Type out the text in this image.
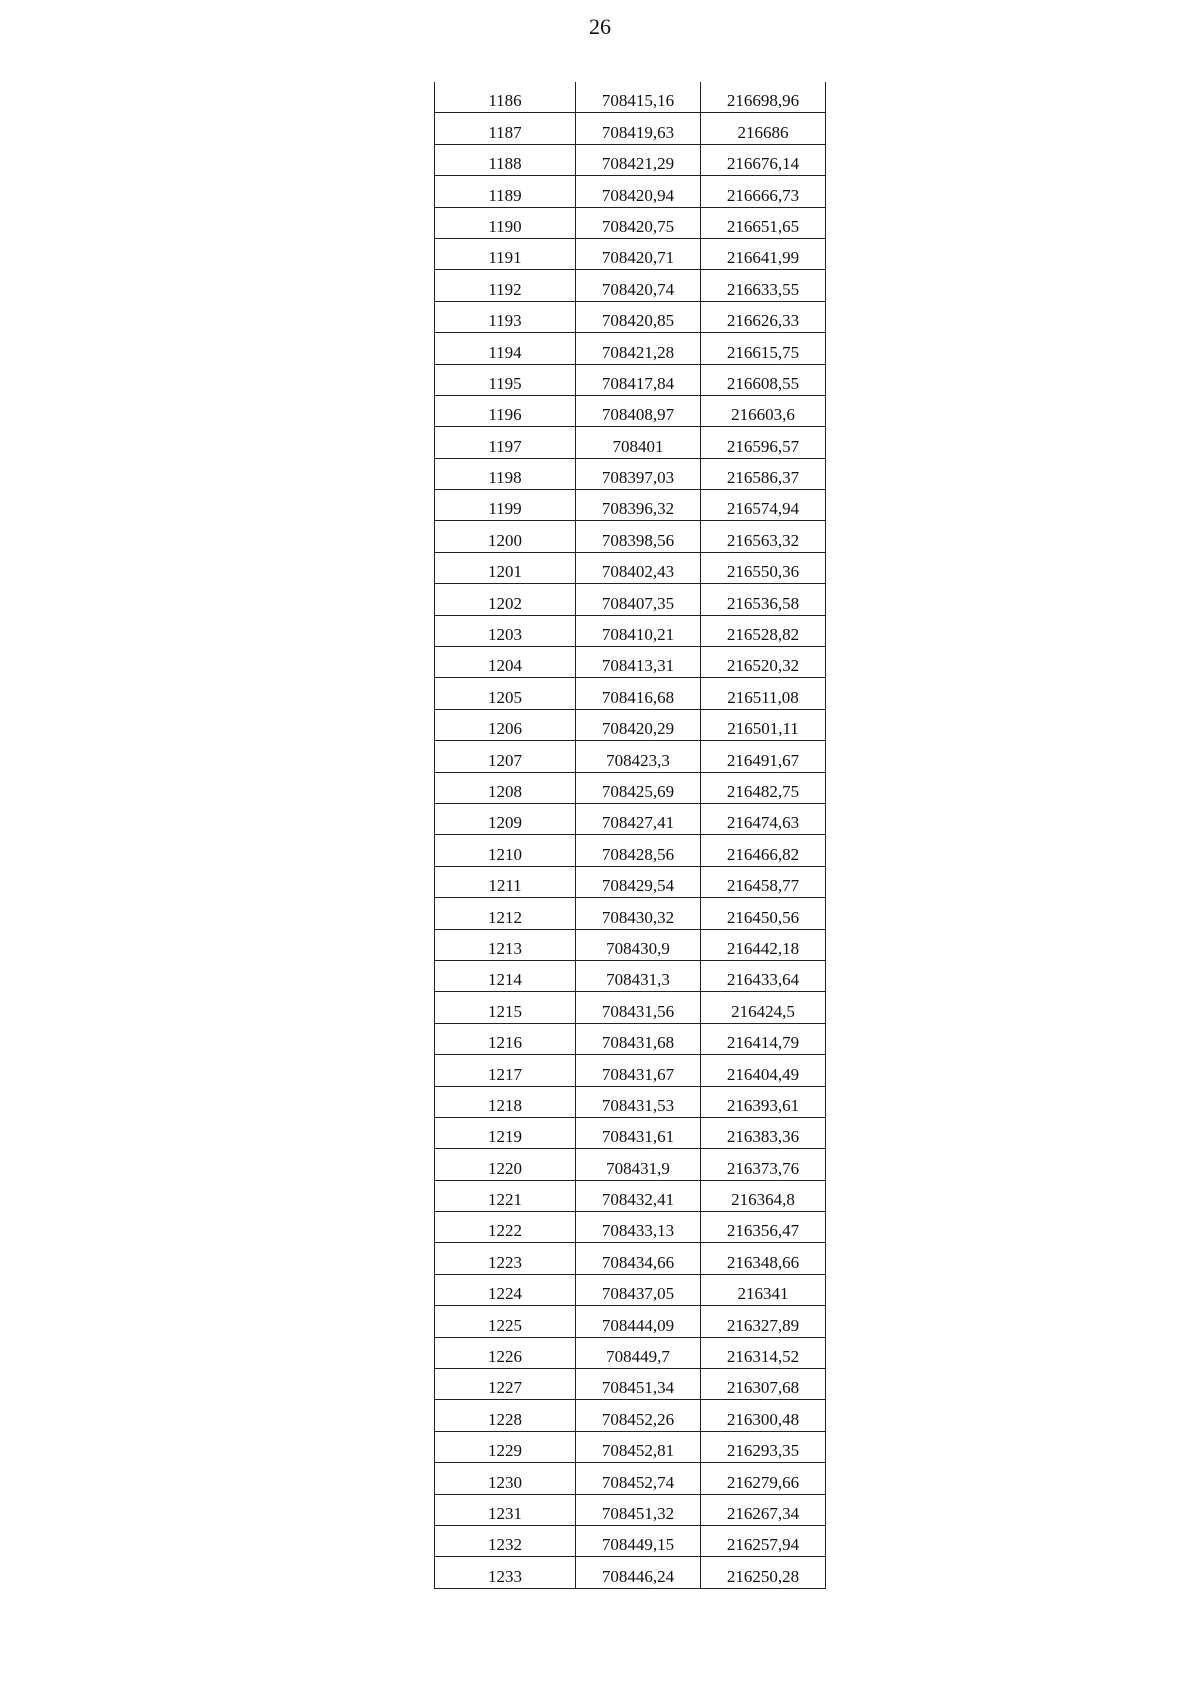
26
1186	708415,16	216698,96
1187	708419,63	216686
1188	708421,29	216676,14
1189	708420,94	216666,73
1190	708420,75	216651,65
1191	708420,71	216641,99
1192	708420,74	216633,55
1193	708420,85	216626,33
1194	708421,28	216615,75
1195	708417,84	216608,55
1196	708408,97	216603,6
1197	708401	216596,57
1198	708397,03	216586,37
1199	708396,32	216574,94
1200	708398,56	216563,32
1201	708402,43	216550,36
1202	708407,35	216536,58
1203	708410,21	216528,82
1204	708413,31	216520,32
1205	708416,68	216511,08
1206	708420,29	216501,11
1207	708423,3	216491,67
1208	708425,69	216482,75
1209	708427,41	216474,63
1210	708428,56	216466,82
1211	708429,54	216458,77
1212	708430,32	216450,56
1213	708430,9	216442,18
1214	708431,3	216433,64
1215	708431,56	216424,5
1216	708431,68	216414,79
1217	708431,67	216404,49
1218	708431,53	216393,61
1219	708431,61	216383,36
1220	708431,9	216373,76
1221	708432,41	216364,8
1222	708433,13	216356,47
1223	708434,66	216348,66
1224	708437,05	216341
1225	708444,09	216327,89
1226	708449,7	216314,52
1227	708451,34	216307,68
1228	708452,26	216300,48
1229	708452,81	216293,35
1230	708452,74	216279,66
1231	708451,32	216267,34
1232	708449,15	216257,94
1233	708446,24	216250,28
